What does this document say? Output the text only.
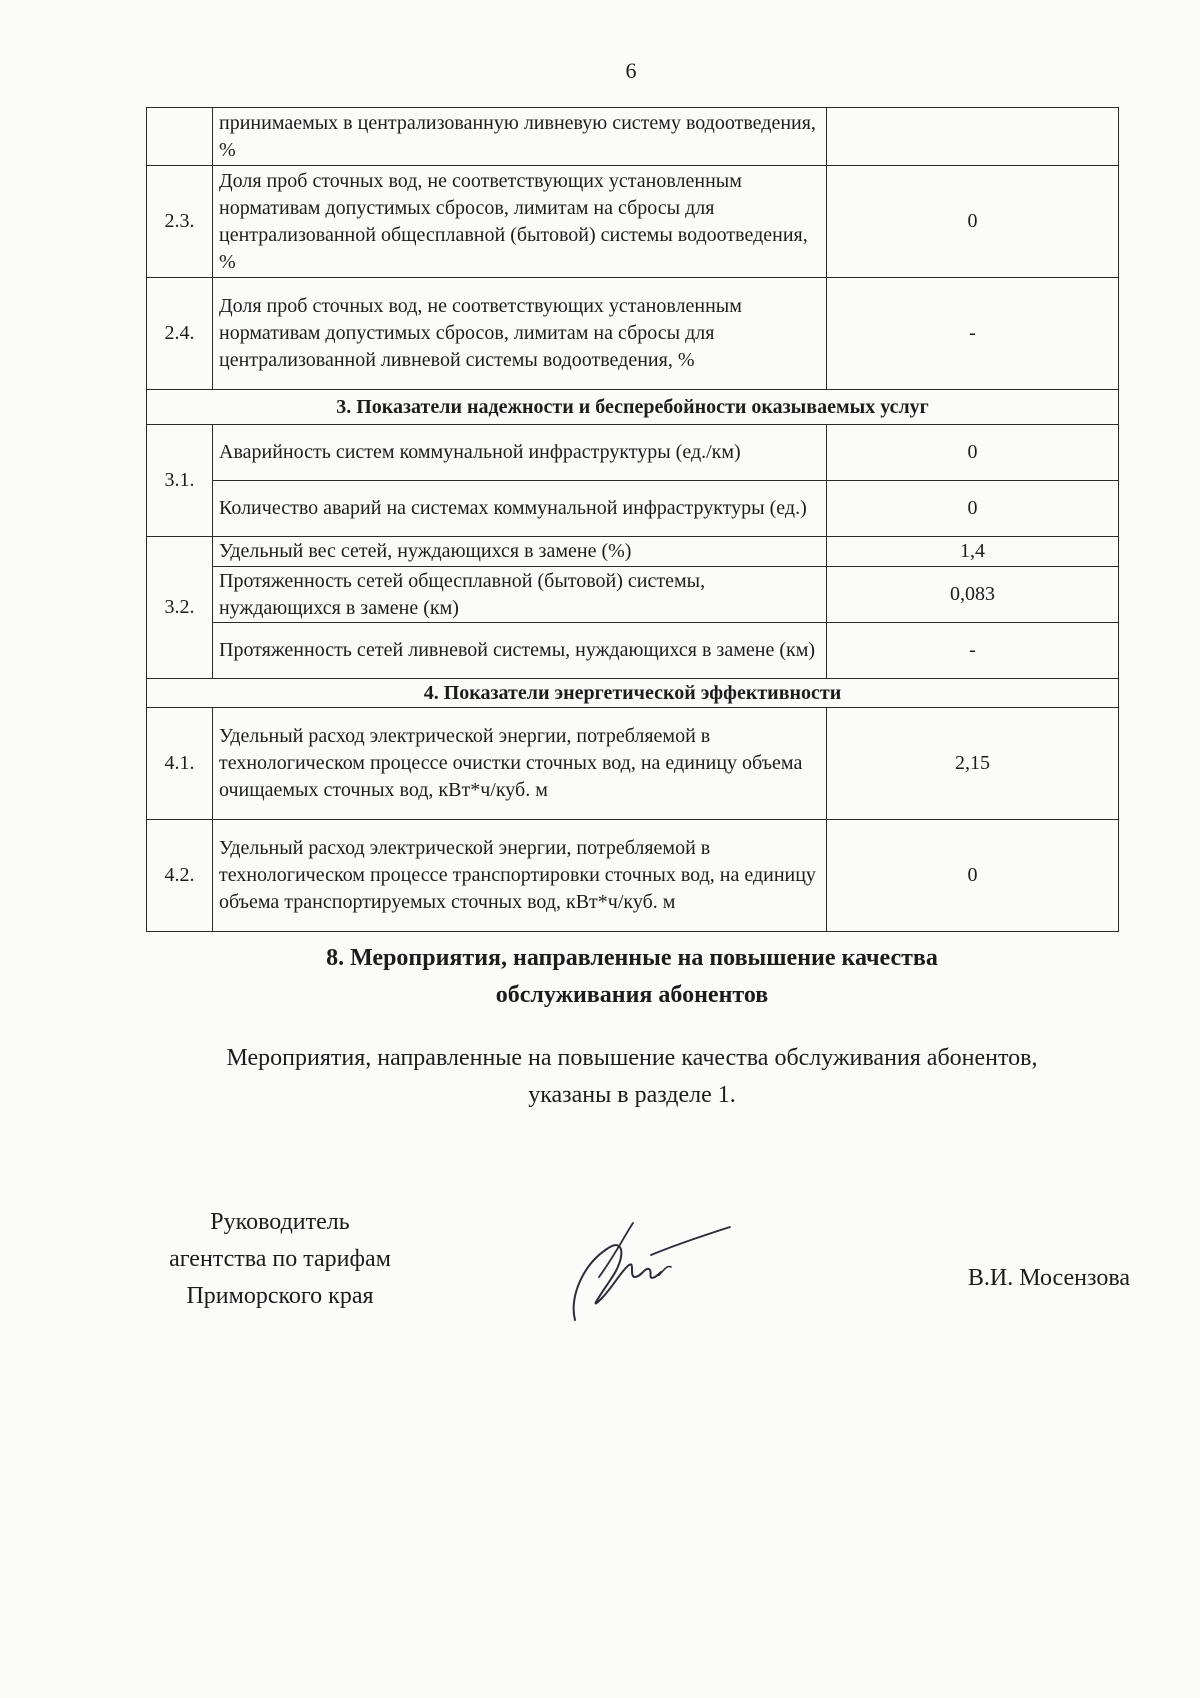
6
	принимаемых в централизованную ливневую систему водоотведения, %	
2.3.	Доля проб сточных вод, не соответствующих установленным нормативам допустимых сбросов, лимитам на сбросы для централизованной общесплавной (бытовой) системы водоотведения, %	0
2.4.	Доля проб сточных вод, не соответствующих установленным нормативам допустимых сбросов, лимитам на сбросы для централизованной ливневой системы водоотведения, %	-
3. Показатели надежности и бесперебойности оказываемых услуг		
3.1.	Аварийность систем коммунальной инфраструктуры (ед./км)	0
	Количество аварий на системах коммунальной инфраструктуры (ед.)	0
3.2.	Удельный вес сетей, нуждающихся в замене (%)	1,4
	Протяженность сетей общесплавной (бытовой) системы, нуждающихся в замене (км)	0,083
	Протяженность сетей ливневой системы, нуждающихся в замене (км)	-
4. Показатели энергетической эффективности		
4.1.	Удельный расход электрической энергии, потребляемой в технологическом процессе очистки сточных вод, на единицу объема очищаемых сточных вод, кВт*ч/куб. м	2,15
4.2.	Удельный расход электрической энергии, потребляемой в технологическом процессе транспортировки сточных вод, на единицу объема транспортируемых сточных вод, кВт*ч/куб. м	0
8. Мероприятия, направленные на повышение качества
обслуживания абонентов
Мероприятия, направленные на повышение качества обслуживания абонентов,
указаны в разделе 1.
Руководитель
агентства по тарифам
Приморского края
В.И. Мосензова
